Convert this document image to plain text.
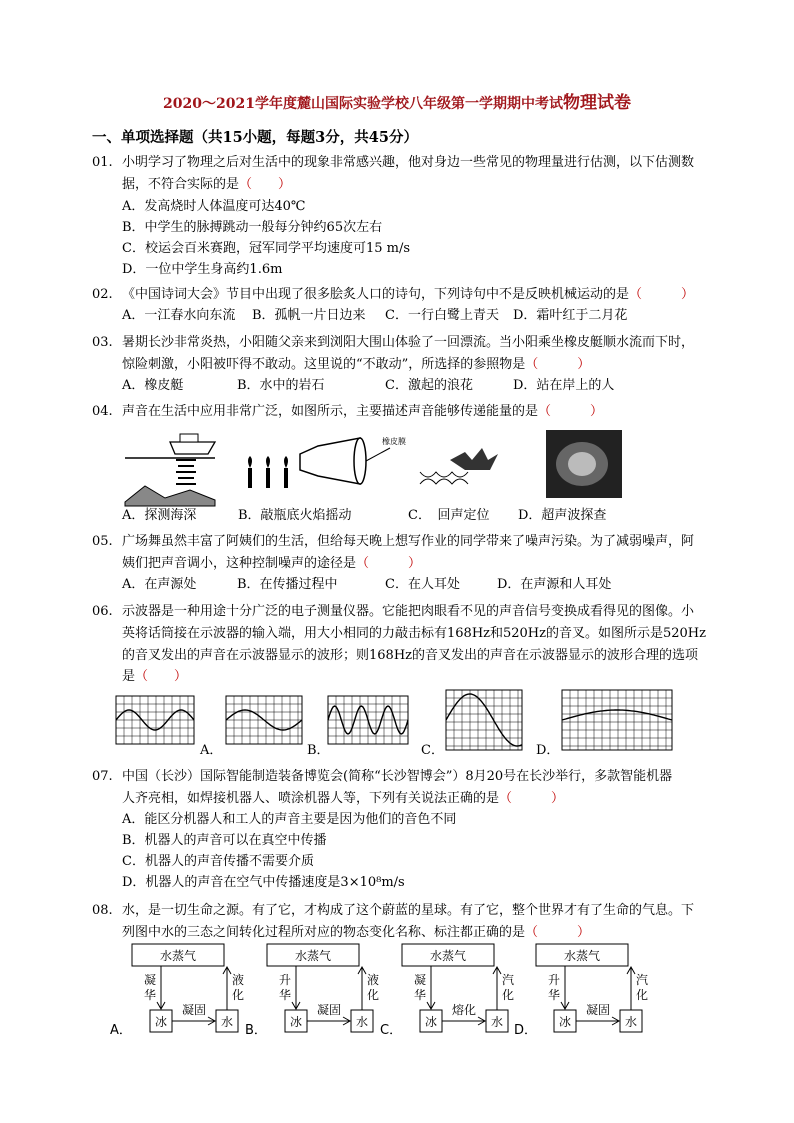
2020～2021学年度麓山国际实验学校八年级第一学期期中考试物理试卷
一、单项选择题（共15小题，每题3分，共45分）
01. 小明学习了物理之后对生活中的现象非常感兴趣，他对身边一些常见的物理量进行估测，以下估测数
据，不符合实际的是（　　）
A．发高烧时人体温度可达40℃
B．中学生的脉搏跳动一般每分钟约65次左右
C．校运会百米赛跑，冠军同学平均速度可15 m/s
D．一位中学生身高约1.6m
02. 《中国诗词大会》节目中出现了很多脍炙人口的诗句，下列诗句中不是反映机械运动的是（　　　）
A．一江春水向东流 B．孤帆一片日边来 C．一行白鹭上青天 D．霜叶红于二月花
03. 暑期长沙非常炎热，小阳随父亲来到浏阳大围山体验了一回漂流。当小阳乘坐橡皮艇顺水流而下时，
惊险刺激，小阳被吓得不敢动。这里说的“不敢动”，所选择的参照物是（　　　）
A．橡皮艇	B．水中的岩石	C．激起的浪花	D．站在岸上的人
04. 声音在生活中应用非常广泛，如图所示，主要描述声音能够传递能量的是（　　　）
橡皮膜
A．探测海深	B．敲瓶底火焰摇动	C．　回声定位 D．超声波探查
05. 广场舞虽然丰富了阿姨们的生活，但给每天晚上想写作业的同学带来了噪声污染。为了减弱噪声，阿
姨们把声音调小，这种控制噪声的途径是（　　　）
A．在声源处	B．在传播过程中	C．在人耳处	D．在声源和人耳处
06. 示波器是一种用途十分广泛的电子测量仪器。它能把肉眼看不见的声音信号变换成看得见的图像。小
英将话筒接在示波器的输入端，用大小相同的力敲击标有168Hz和520Hz的音叉。如图所示是520Hz
的音叉发出的声音在示波器显示的波形；则168Hz的音叉发出的声音在示波器显示的波形合理的选项
是（　　）
A．	B．	C．	D．
07. 中国（长沙）国际智能制造装备博览会(简称“长沙智博会”）8月20号在长沙举行，多款智能机器
人齐亮相，如焊接机器人、喷涂机器人等，下列有关说法正确的是（　　　）
A．能区分机器人和工人的声音主要是因为他们的音色不同
B．机器人的声音可以在真空中传播
C．机器人的声音传播不需要介质
D．机器人的声音在空气中传播速度是3×10⁸m/s
08. 水，是一切生命之源。有了它，才构成了这个蔚蓝的星球。有了它，整个世界才有了生命的气息。下
列图中水的三态之间转化过程所对应的物态变化名称、标注都正确的是（　　　）
A．
水蒸气
冰	水
凝
华
液
化
凝固
B．
水蒸气
冰	水
升
华
液
化
凝固
C．
水蒸气
冰	水
凝
华
汽
化
熔化
D．
水蒸气
冰	水
升
华
汽
化
凝固
